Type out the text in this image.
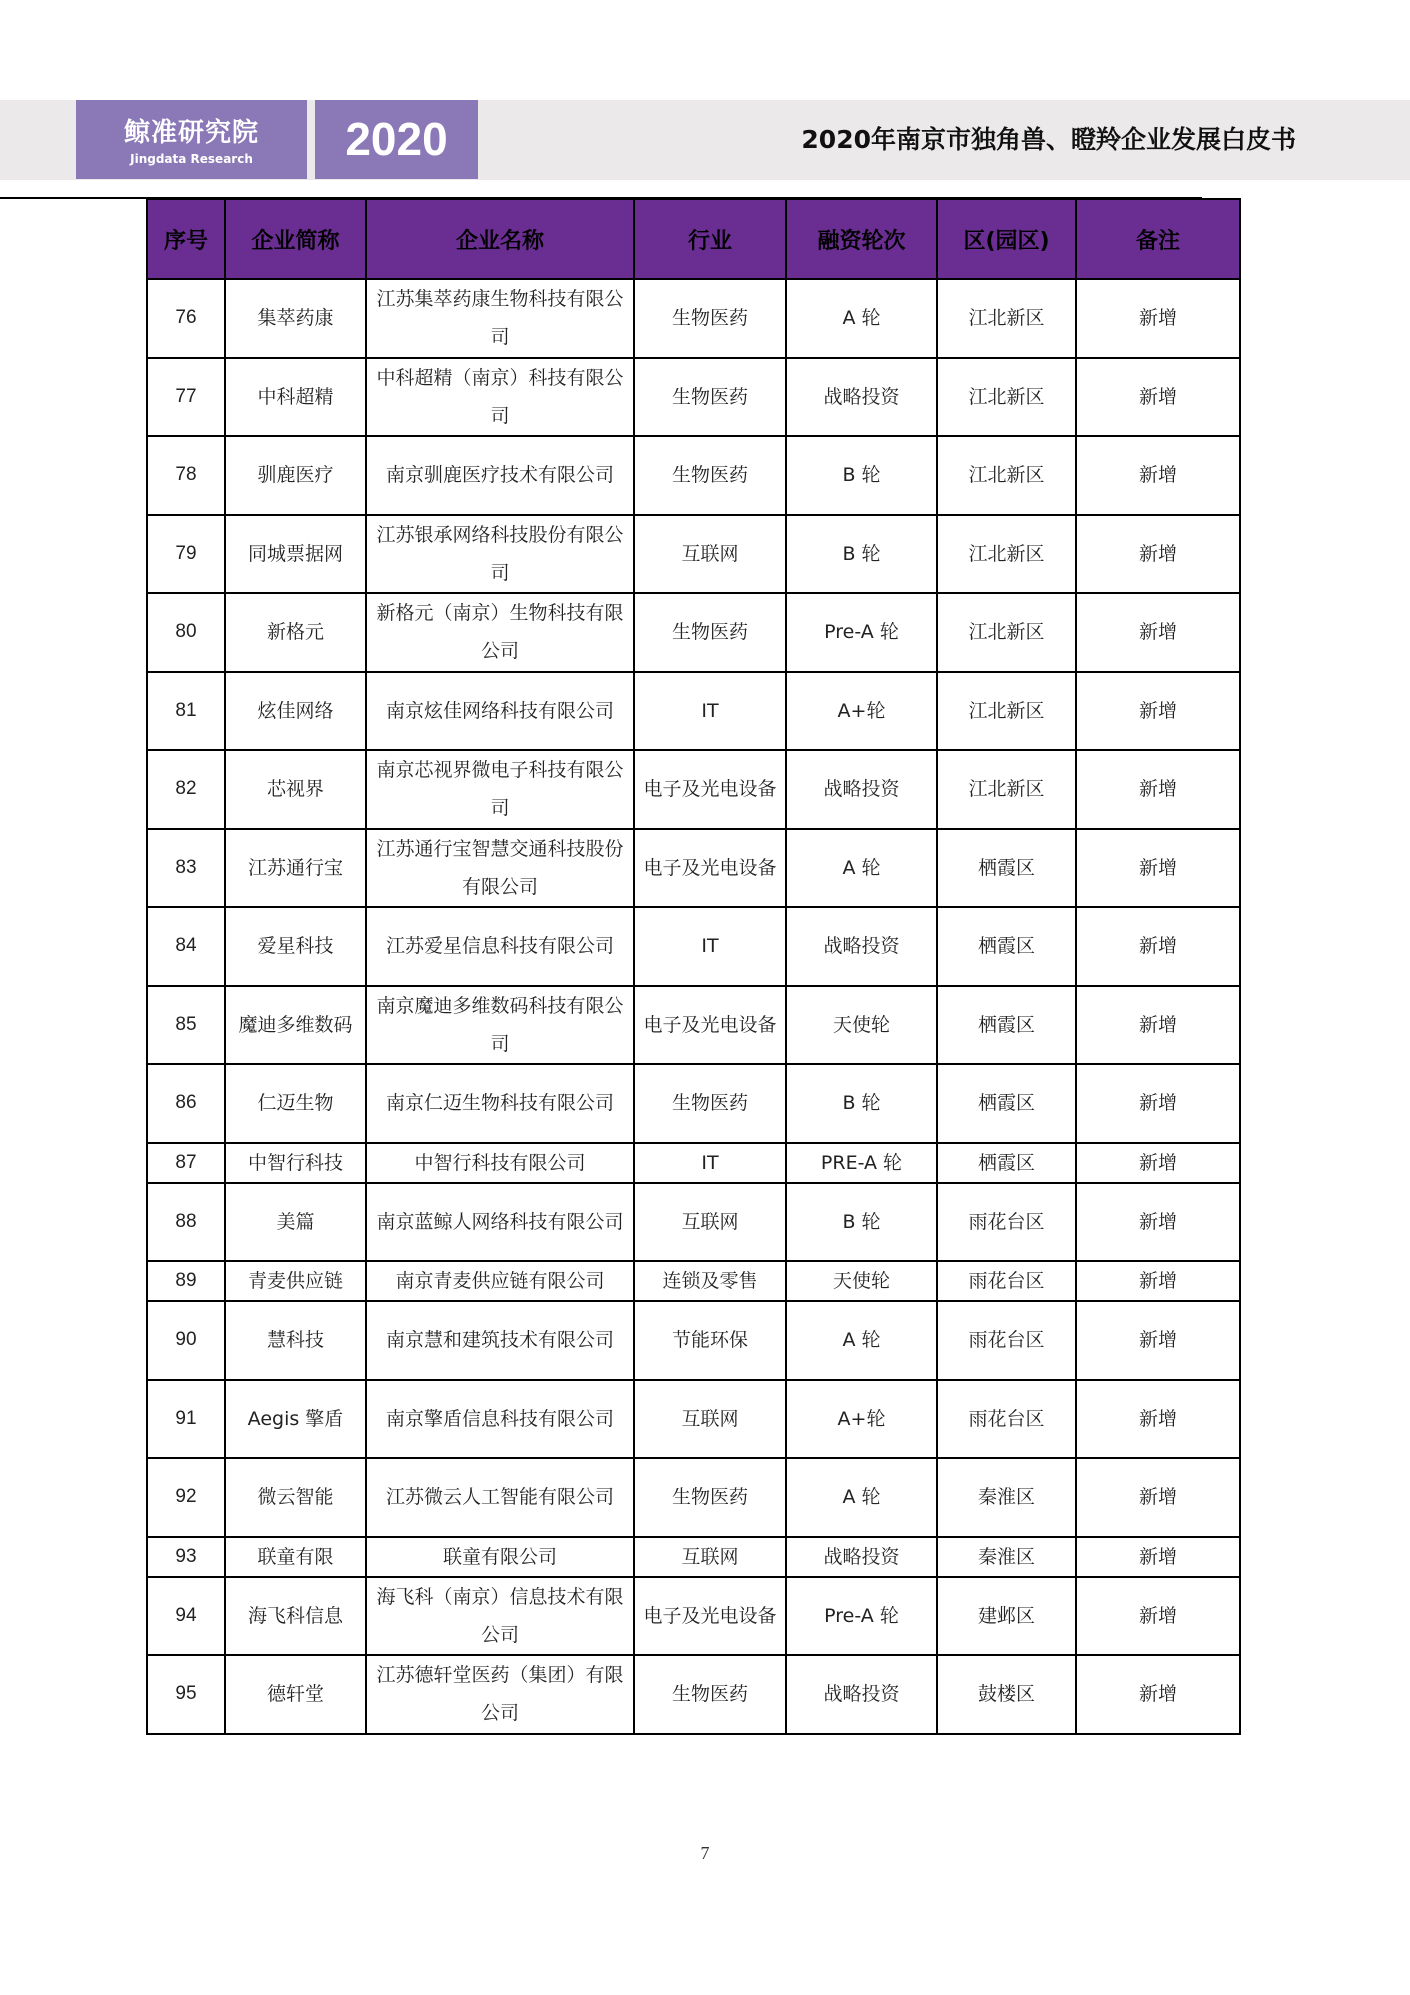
鲸准研究院
Jingdata Research	2020	2020年南京市独角兽、瞪羚企业发展白皮书
序号	企业简称	企业名称	行业	融资轮次	区(园区)	备注
76	集萃药康	江苏集萃药康生物科技有限公司	生物医药	A 轮	江北新区	新增
77	中科超精	中科超精（南京）科技有限公司	生物医药	战略投资	江北新区	新增
78	驯鹿医疗	南京驯鹿医疗技术有限公司	生物医药	B 轮	江北新区	新增
79	同城票据网	江苏银承网络科技股份有限公司	互联网	B 轮	江北新区	新增
80	新格元	新格元（南京）生物科技有限公司	生物医药	Pre-A 轮	江北新区	新增
81	炫佳网络	南京炫佳网络科技有限公司	IT	A+轮	江北新区	新增
82	芯视界	南京芯视界微电子科技有限公司	电子及光电设备	战略投资	江北新区	新增
83	江苏通行宝	江苏通行宝智慧交通科技股份有限公司	电子及光电设备	A 轮	栖霞区	新增
84	爱星科技	江苏爱星信息科技有限公司	IT	战略投资	栖霞区	新增
85	魔迪多维数码	南京魔迪多维数码科技有限公司	电子及光电设备	天使轮	栖霞区	新增
86	仁迈生物	南京仁迈生物科技有限公司	生物医药	B 轮	栖霞区	新增
87	中智行科技	中智行科技有限公司	IT	PRE-A 轮	栖霞区	新增
88	美篇	南京蓝鲸人网络科技有限公司	互联网	B 轮	雨花台区	新增
89	青麦供应链	南京青麦供应链有限公司	连锁及零售	天使轮	雨花台区	新增
90	慧科技	南京慧和建筑技术有限公司	节能环保	A 轮	雨花台区	新增
91	Aegis 擎盾	南京擎盾信息科技有限公司	互联网	A+轮	雨花台区	新增
92	微云智能	江苏微云人工智能有限公司	生物医药	A 轮	秦淮区	新增
93	联童有限	联童有限公司	互联网	战略投资	秦淮区	新增
94	海飞科信息	海飞科（南京）信息技术有限公司	电子及光电设备	Pre-A 轮	建邺区	新增
95	德轩堂	江苏德轩堂医药（集团）有限公司	生物医药	战略投资	鼓楼区	新增
7
